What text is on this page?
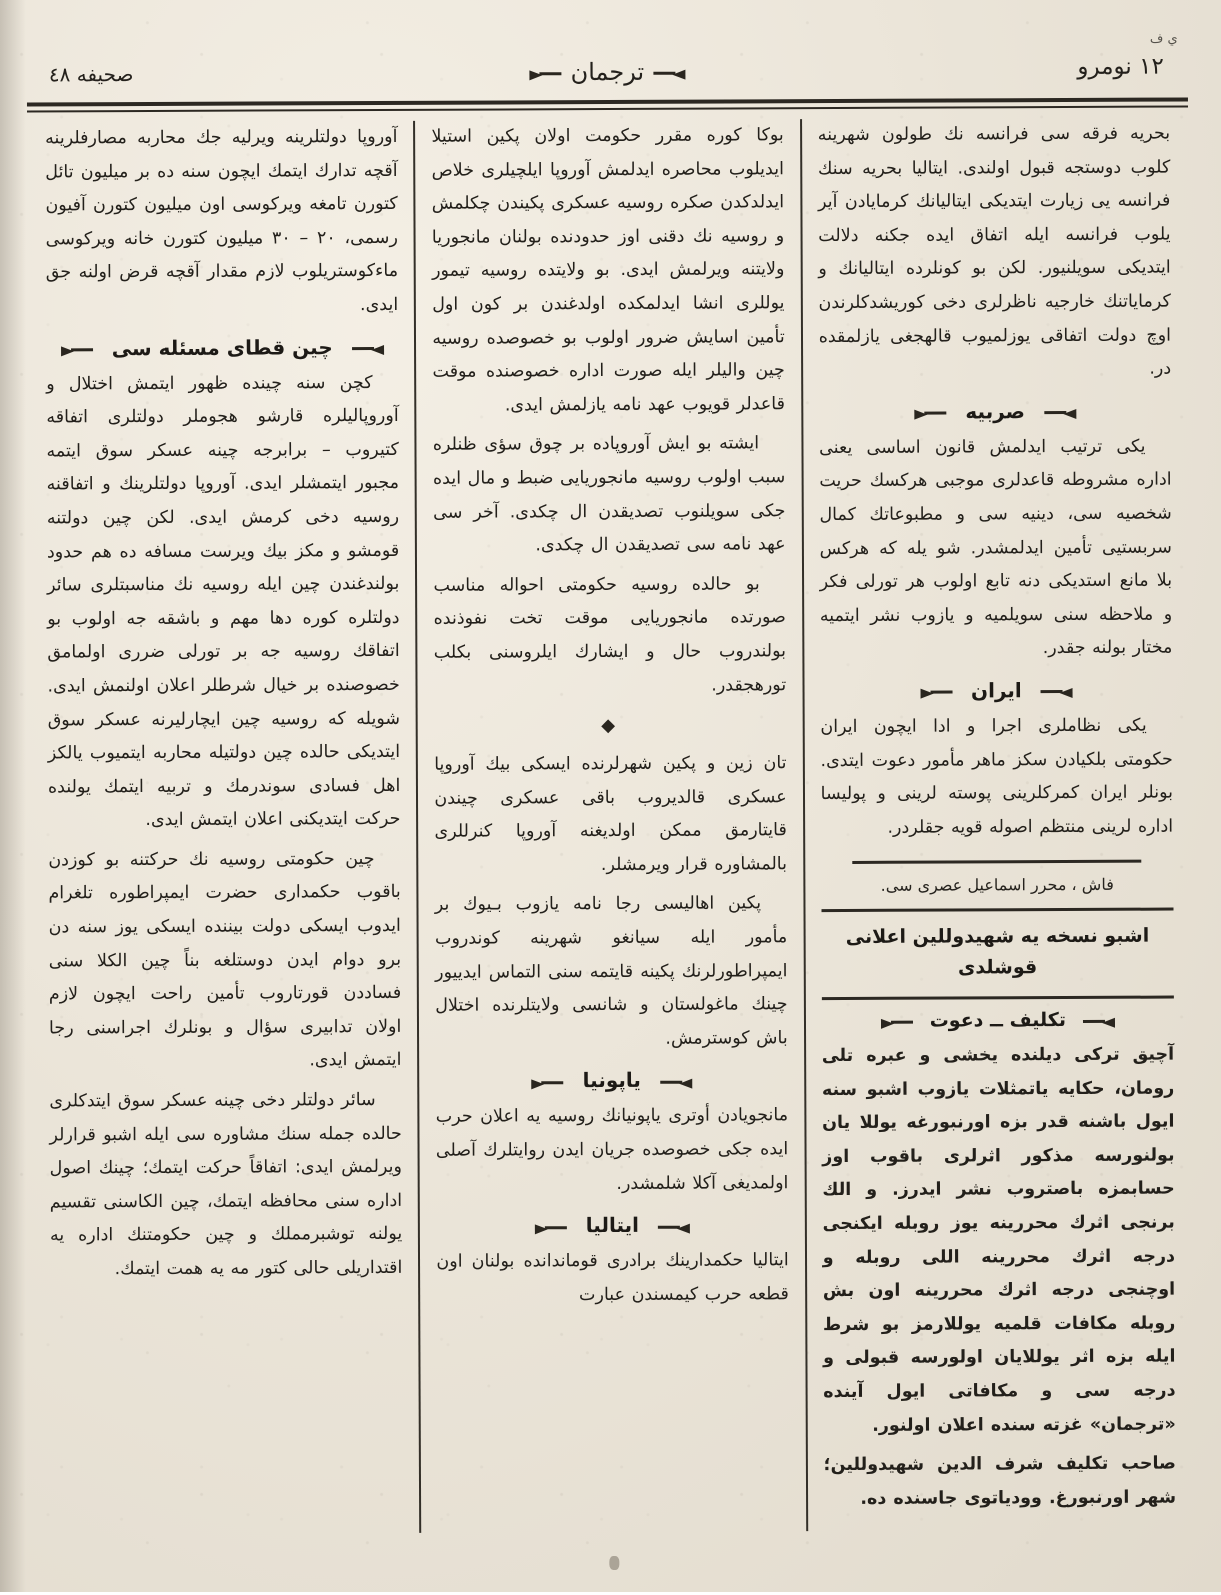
ي ف
١٢ نومرو
ترجمان
صحيفه ٤٨

بحريه فرقه سى فرانسه نك طولون شهرينه كلوب دوستجه قبول اولندى. ايتاليا بحريه سنك فرانسه يى زيارت ايتديكى ايتاليانك كرمايادن آير يلوب فرانسه ايله اتفاق ايده جكنه دلالت ايتديكى سويلنيور. لكن بو كونلرده ايتاليانك و كرماياتنك خارجيه ناظرلرى دخى كوريشدكلرندن اوچ دولت اتفاقى يوزلميوب قالهجغى يازلمقده در.

صربيه

يكى ترتيب ايدلمش قانون اساسى يعنى اداره مشروطه قاعدلرى موجبى هركسك حريت شخصيه سى، دينيه سى و مطبوعاتك كمال سربستيى تأمين ايدلمشدر. شو يله كه هركس بلا مانع استديكى دنه تابع اولوب هر تورلى فكر و ملاحظه سنى سويلميه و يازوب نشر ايتميه مختار بولنه جقدر.

ايران

يكى نظاملرى اجرا و ادا ايچون ايران حكومتى بلكيادن سكز ماهر مأمور دعوت ايتدى. بونلر ايران كمركلرينى پوسته لرينى و پوليسا اداره لرينى منتظم اصوله قويه جقلردر.

فاش ، محرر اسماعيل عصرى سى.
اشبو نسخه يه شهيدوللين اعلانى قوشلدى
تكليف ــ دعوت

آچيق تركى ديلنده يخشى و عبره تلى رومان، حكايه ياتمثلات يازوب اشبو سنه ايول باشنه قدر بزه اورنبورغه يوللا يان بولنورسه مذكور اثرلرى باقوب اوز حسابمزه باصتروب نشر ايدرز. و الك برنجى اثرك محررينه يوز روبله ايكنجى درجه اثرك محررينه اللى روبله و اوچنجى درجه اثرك محررينه اون بش روبله مكافات قلميه يوللارمز بو شرط ايله بزه اثر يوللايان اولورسه قبولى و درجه سى و مكافاتى ايول آينده «ترجمان» غزته سنده اعلان اولنور.

صاحب تكليف شرف الدين شهيدوللين؛ شهر اورنبورغ. وودياتوى جاسنده ده.

بوكا كوره مقرر حكومت اولان پكين استيلا ايديلوب محاصره ايدلمش آوروپا ايلچيلرى خلاص ايدلدكدن صكره روسيه عسكرى پكيندن چكلمش و روسيه نك دقنى اوز حدودنده بولنان مانجوريا ولايتنه ويرلمش ايدى. بو ولايتده روسيه تيمور يوللرى انشا ايدلمكده اولدغندن بر كون اول تأمين اسايش ضرور اولوب بو خصوصده روسيه چين واليلر ايله صورت اداره خصوصنده موقت قاعدلر قويوب عهد نامه يازلمش ايدى.

ايشته بو ايش آوروپاده بر چوق سؤى ظنلره سبب اولوب روسيه مانجوريايى ضبط و مال ايده جكى سويلنوب تصديقدن ال چكدى. آخر سى عهد نامه سى تصديقدن ال چكدى.

بو حالده روسيه حكومتى احواله مناسب صورتده مانجوريايى موقت تخت نفوذنده بولندروب حال و ايشارك ايلروسنى بكلب تورهجقدر.

◆

تان زين و پكين شهرلرنده ايسكى بيك آوروپا عسكرى قالديروب باقى عسكرى چيندن قايتارمق ممكن اولديغنه آوروپا كنرللرى بالمشاوره قرار ويرمشلر.

پكين اهاليسى رجا نامه يازوب بـيوك بر مأمور ايله سيانغو شهرينه كوندروب ايمپراطورلرنك پكينه قايتمه سنى التماس ايدييور چينك ماغولستان و شانسى ولايتلرنده اختلال باش كوسترمش.

ياپونيا

مانجويادن أوترى ياپونيانك روسيه يه اعلان حرب ايده جكى خصوصده جريان ايدن روايتلرك آصلى اولمديغى آكلا شلمشدر.

ايتاليا

ايتاليا حكمدارينك برادرى قوماندانده بولنان اون قطعه حرب كيمسندن عبارت

آوروپا دولتلرينه ويرليه جك محاربه مصارفلرينه آقچه تدارك ايتمك ايچون سنه ده بر ميليون تائل كتورن تامغه ويركوسى اون ميليون كتورن آفيون رسمى، ٢٠ – ٣٠ ميليون كتورن خانه ويركوسى ماءكوستريلوب لازم مقدار آقچه قرض اولنه جق ايدى.

چين قطاى مسئله سى

كچن سنه چينده ظهور ايتمش اختلال و آوروپاليلره قارشو هجوملر دولتلرى اتفاقه كتيروب – برابرجه چينه عسكر سوق ايتمه مجبور ايتمشلر ايدى. آوروپا دولتلرينك و اتفاقنه روسيه دخى كرمش ايدى. لكن چين دولتنه قومشو و مكز بيك ويرست مسافه ده هم حدود بولندغندن چين ايله روسيه نك مناسبتلرى سائر دولتلره كوره دها مهم و باشقه جه اولوب بو اتفاقك روسيه جه بر تورلى ضررى اولمامق خصوصنده بر خيال شرطلر اعلان اولنمش ايدى. شويله كه روسيه چين ايچارليرنه عسكر سوق ايتديكى حالده چين دولتيله محاربه ايتميوب يالكز اهل فسادى سوندرمك و تربيه ايتمك يولنده حركت ايتديكنى اعلان ايتمش ايدى.

چين حكومتى روسيه نك حركتنه بو كوزدن باقوب حكمدارى حضرت ايمپراطوره تلغرام ايدوب ايسكى دولت بيننده ايسكى يوز سنه دن برو دوام ايدن دوستلغه بناً چين الكلا سنى فساددن قورتاروب تأمين راحت ايچون لازم اولان تدابيرى سؤال و بونلرك اجراسنى رجا ايتمش ايدى.

سائر دولتلر دخى چينه عسكر سوق ايتدكلرى حالده جمله سنك مشاوره سى ايله اشبو قرارلر ويرلمش ايدى: اتفاقاً حركت ايتمك؛ چينك اصول اداره سنى محافظه ايتمك، چين الكاسنى تقسيم يولنه توشبرمملك و چين حكومتنك اداره يه اقتداريلى حالى كتور مه يه همت ايتمك.
